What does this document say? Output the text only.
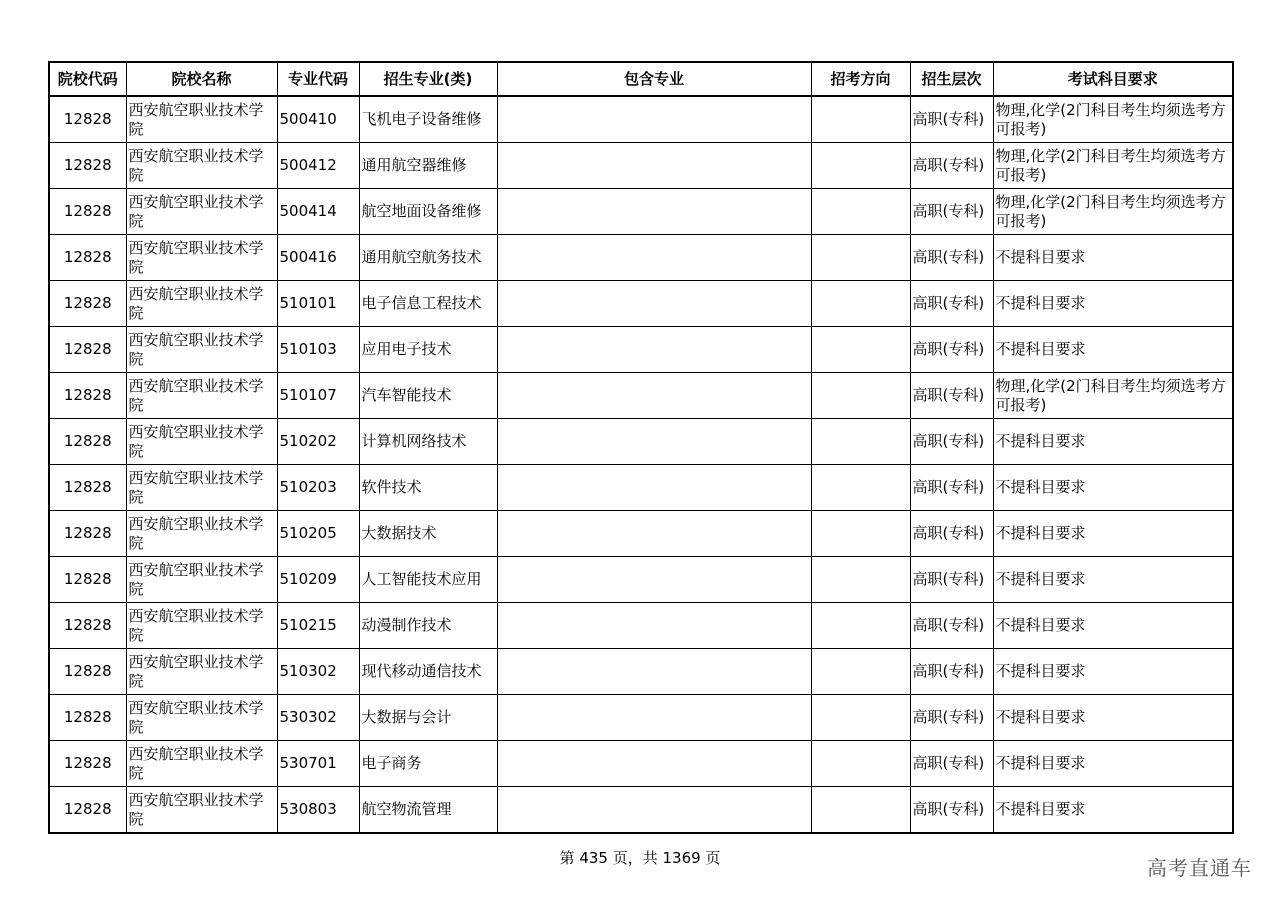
院校代码	院校名称	专业代码	招生专业(类)	包含专业	招考方向	招生层次	考试科目要求
12828	西安航空职业技术学院	500410	飞机电子设备维修			高职(专科)	物理,化学(2门科目考生均须选考方可报考)
12828	西安航空职业技术学院	500412	通用航空器维修			高职(专科)	物理,化学(2门科目考生均须选考方可报考)
12828	西安航空职业技术学院	500414	航空地面设备维修			高职(专科)	物理,化学(2门科目考生均须选考方可报考)
12828	西安航空职业技术学院	500416	通用航空航务技术			高职(专科)	不提科目要求
12828	西安航空职业技术学院	510101	电子信息工程技术			高职(专科)	不提科目要求
12828	西安航空职业技术学院	510103	应用电子技术			高职(专科)	不提科目要求
12828	西安航空职业技术学院	510107	汽车智能技术			高职(专科)	物理,化学(2门科目考生均须选考方可报考)
12828	西安航空职业技术学院	510202	计算机网络技术			高职(专科)	不提科目要求
12828	西安航空职业技术学院	510203	软件技术			高职(专科)	不提科目要求
12828	西安航空职业技术学院	510205	大数据技术			高职(专科)	不提科目要求
12828	西安航空职业技术学院	510209	人工智能技术应用			高职(专科)	不提科目要求
12828	西安航空职业技术学院	510215	动漫制作技术			高职(专科)	不提科目要求
12828	西安航空职业技术学院	510302	现代移动通信技术			高职(专科)	不提科目要求
12828	西安航空职业技术学院	530302	大数据与会计			高职(专科)	不提科目要求
12828	西安航空职业技术学院	530701	电子商务			高职(专科)	不提科目要求
12828	西安航空职业技术学院	530803	航空物流管理			高职(专科)	不提科目要求
第 435 页，共 1369 页	高考直通车
